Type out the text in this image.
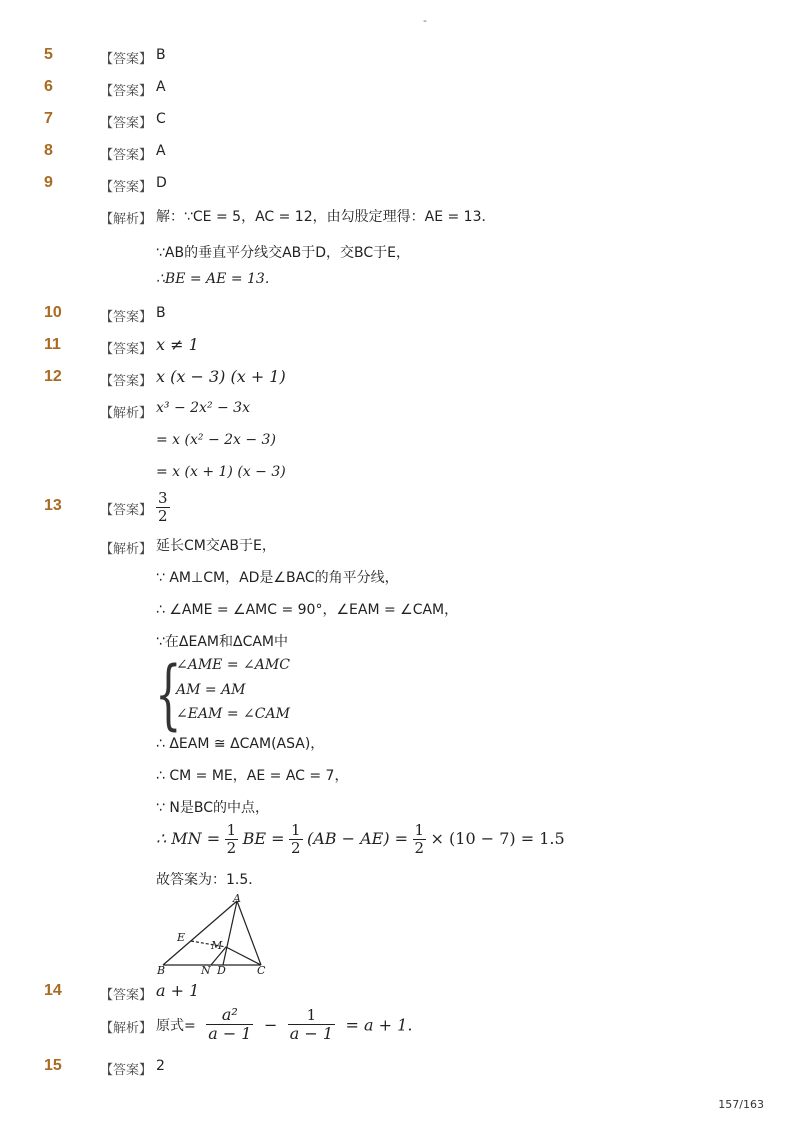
-
5	【答案】 B
6	【答案】 A
7	【答案】 C
8	【答案】 A
9	【答案】 D
【解析】 解：∵CE = 5，AC = 12，由勾股定理得：AE = 13．
∵AB的垂直平分线交AB于D，交BC于E，
∴BE = AE = 13.
10	【答案】 B
11	【答案】 x ≠ 1
12	【答案】 x (x − 3) (x + 1)
【解析】 x³ − 2x² − 3x
= x (x² − 2x − 3)
= x (x + 1) (x − 3)
13	【答案】 $\frac{3}{2}$
【解析】 延长CM交AB于E，
∵ AM⊥CM，AD是∠BAC的角平分线，
∴ ∠AME = ∠AMC = 90°，∠EAM = ∠CAM，
∵在ΔEAM和ΔCAM中
{
∠AME = ∠AMC
AM = AM
∠EAM = ∠CAM
∴ ΔEAM ≅ ΔCAM(ASA)，
∴ CM = ME，AE = AC = 7，
∵ N是BC的中点，
∴ MN = $\frac{1}{2}$ BE = $\frac{1}{2} (AB - AE) = \frac{1}{2} \times (10 - 7) = 1.5$
故答案为：1.5．
A
B	C
D
E
M
N
14	【答案】 a + 1
【解析】 原式= $\frac{\text{a²}}{a - 1} - \frac{1}{a - 1} = a + 1$.
15	【答案】 2
157/163
